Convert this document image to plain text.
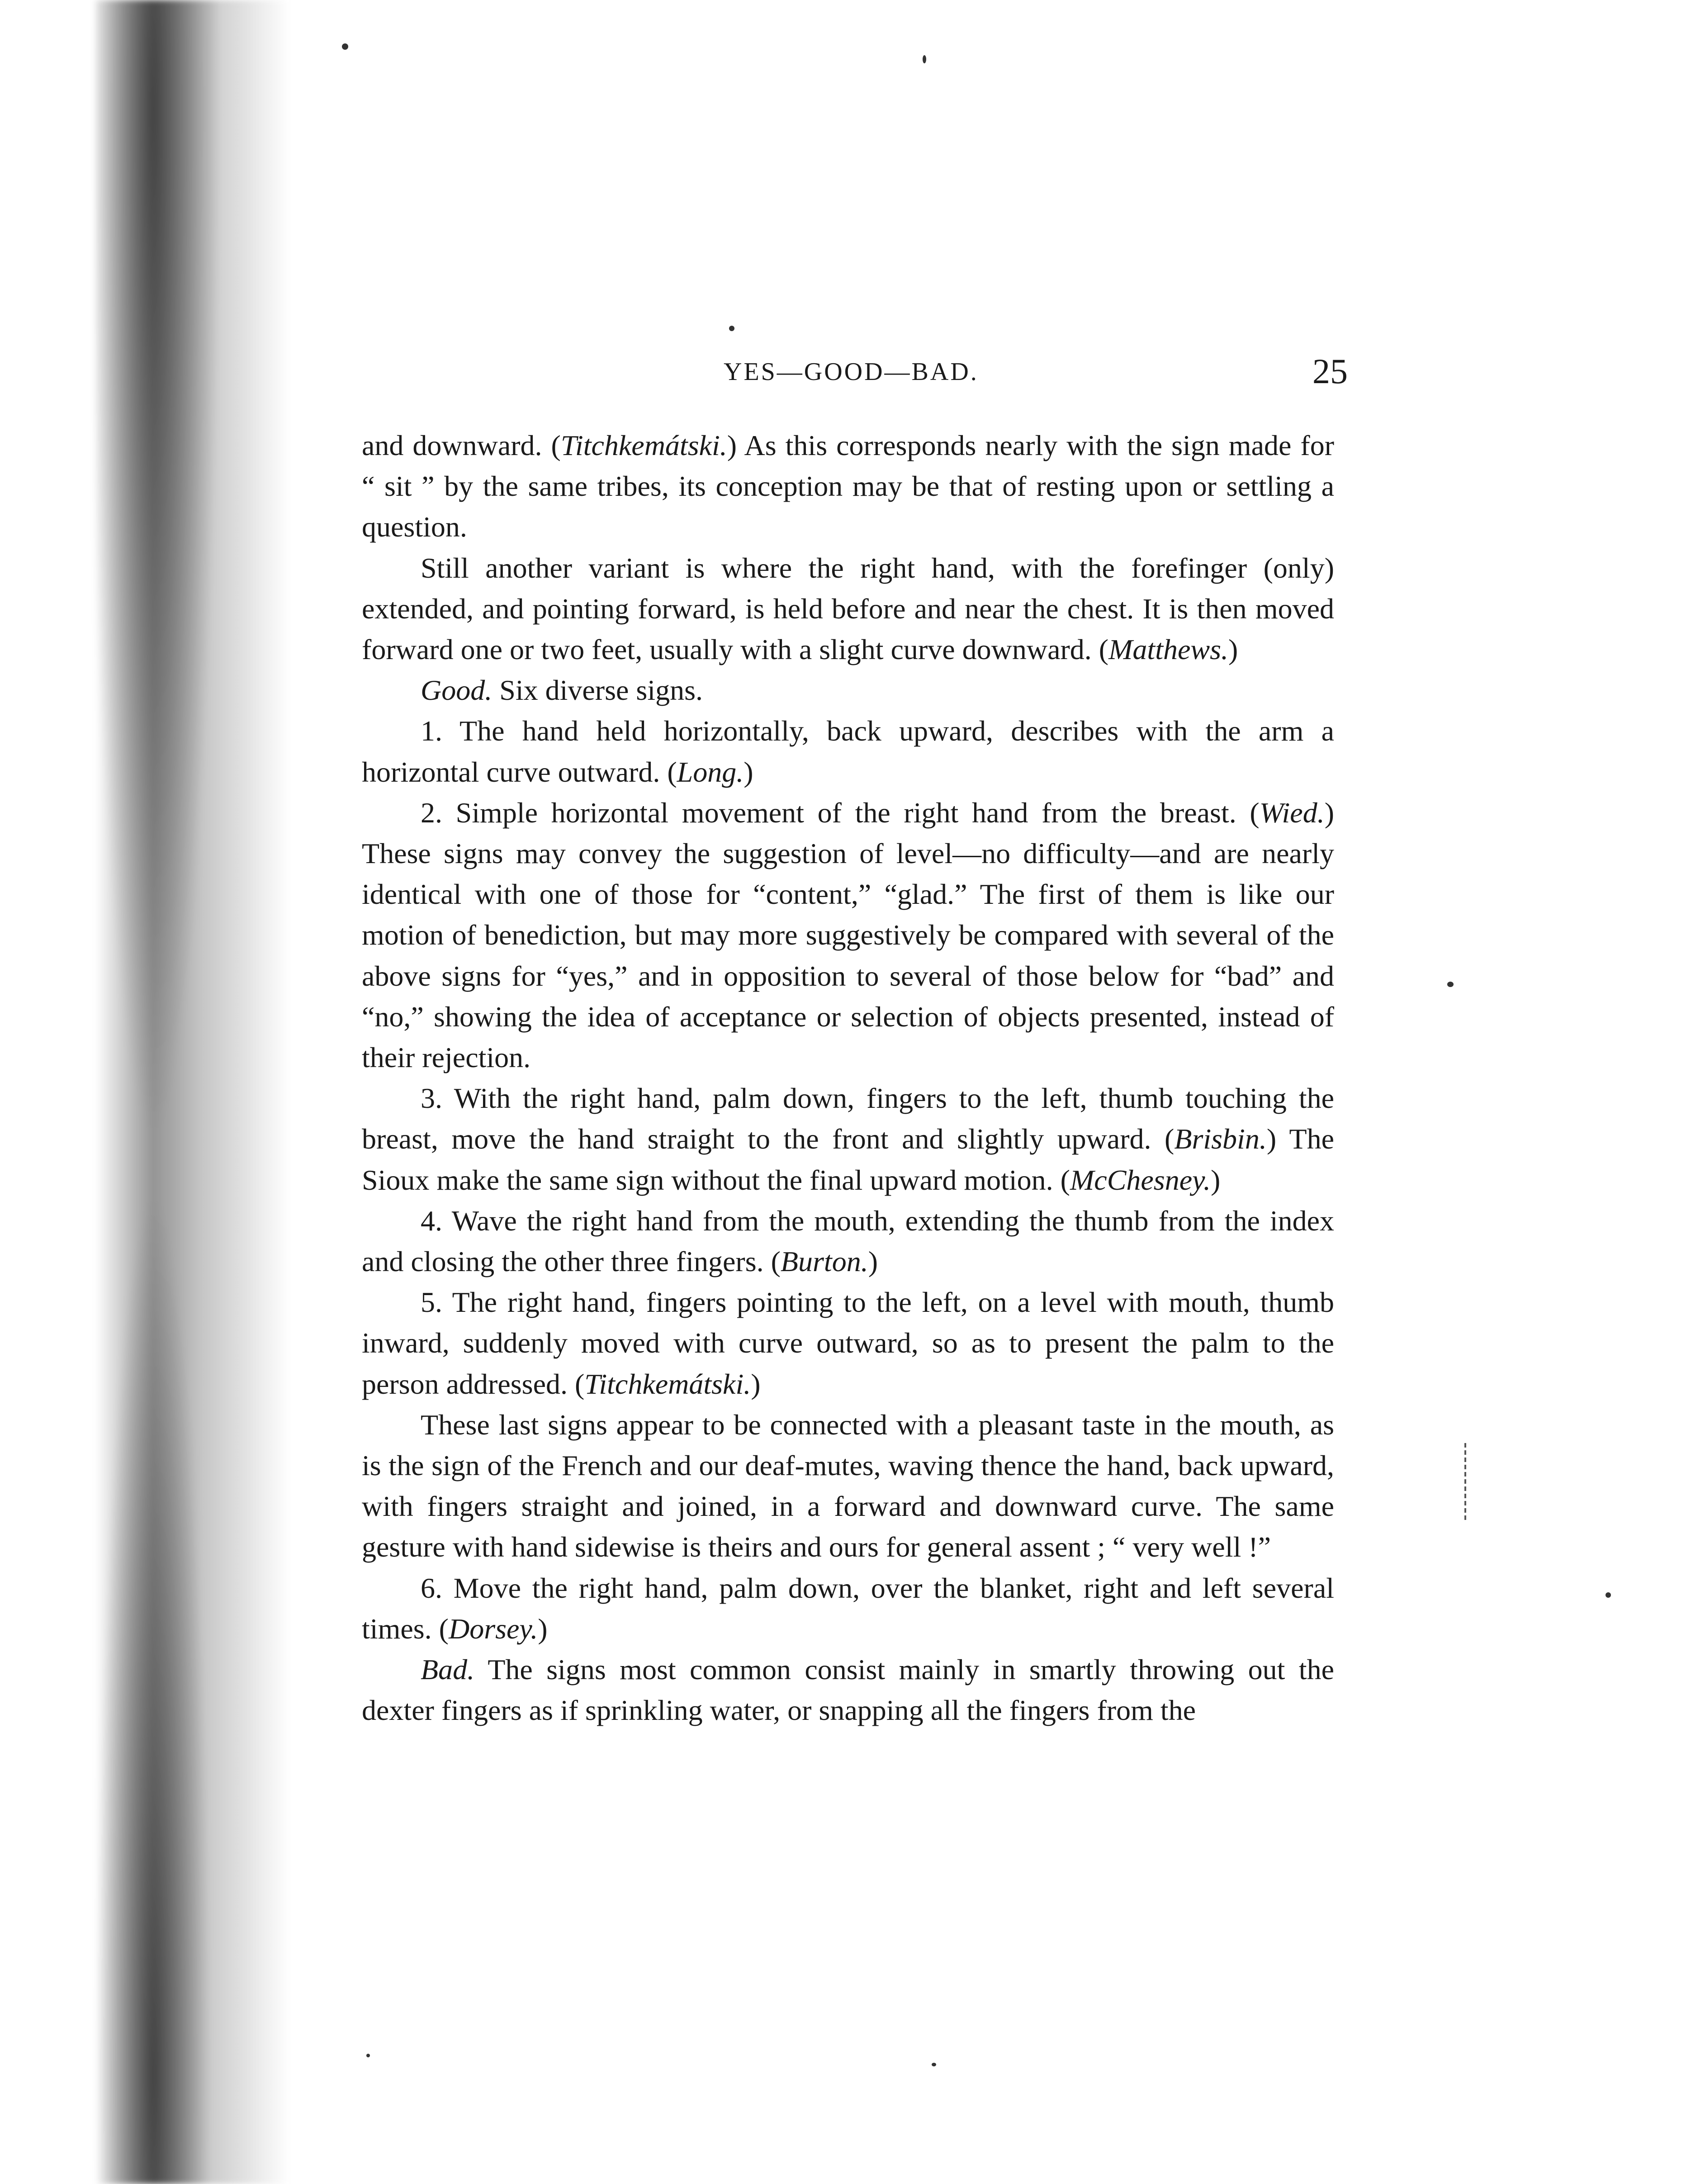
YES—GOOD—BAD.	25

and downward. (Titchkemátski.) As this corresponds nearly with the sign made for “ sit ” by the same tribes, its conception may be that of resting upon or settling a question.

Still another variant is where the right hand, with the forefinger (only) extended, and pointing forward, is held before and near the chest. It is then moved forward one or two feet, usually with a slight curve downward. (Matthews.)

Good. Six diverse signs.

1. The hand held horizontally, back upward, describes with the arm a horizontal curve outward. (Long.)

2. Simple horizontal movement of the right hand from the breast. (Wied.) These signs may convey the suggestion of level—no difficulty—and are nearly identical with one of those for “content,” “glad.” The first of them is like our motion of benediction, but may more suggestively be compared with several of the above signs for “yes,” and in opposition to several of those below for “bad” and “no,” showing the idea of acceptance or selection of objects presented, instead of their rejection.

3. With the right hand, palm down, fingers to the left, thumb touching the breast, move the hand straight to the front and slightly upward. (Brisbin.) The Sioux make the same sign without the final upward motion. (McChesney.)

4. Wave the right hand from the mouth, extending the thumb from the index and closing the other three fingers. (Burton.)

5. The right hand, fingers pointing to the left, on a level with mouth, thumb inward, suddenly moved with curve outward, so as to present the palm to the person addressed. (Titchkemátski.)

These last signs appear to be connected with a pleasant taste in the mouth, as is the sign of the French and our deaf-mutes, waving thence the hand, back upward, with fingers straight and joined, in a forward and downward curve. The same gesture with hand sidewise is theirs and ours for general assent ; “ very well !”

6. Move the right hand, palm down, over the blanket, right and left several times. (Dorsey.)

Bad. The signs most common consist mainly in smartly throwing out the dexter fingers as if sprinkling water, or snapping all the fingers from the
